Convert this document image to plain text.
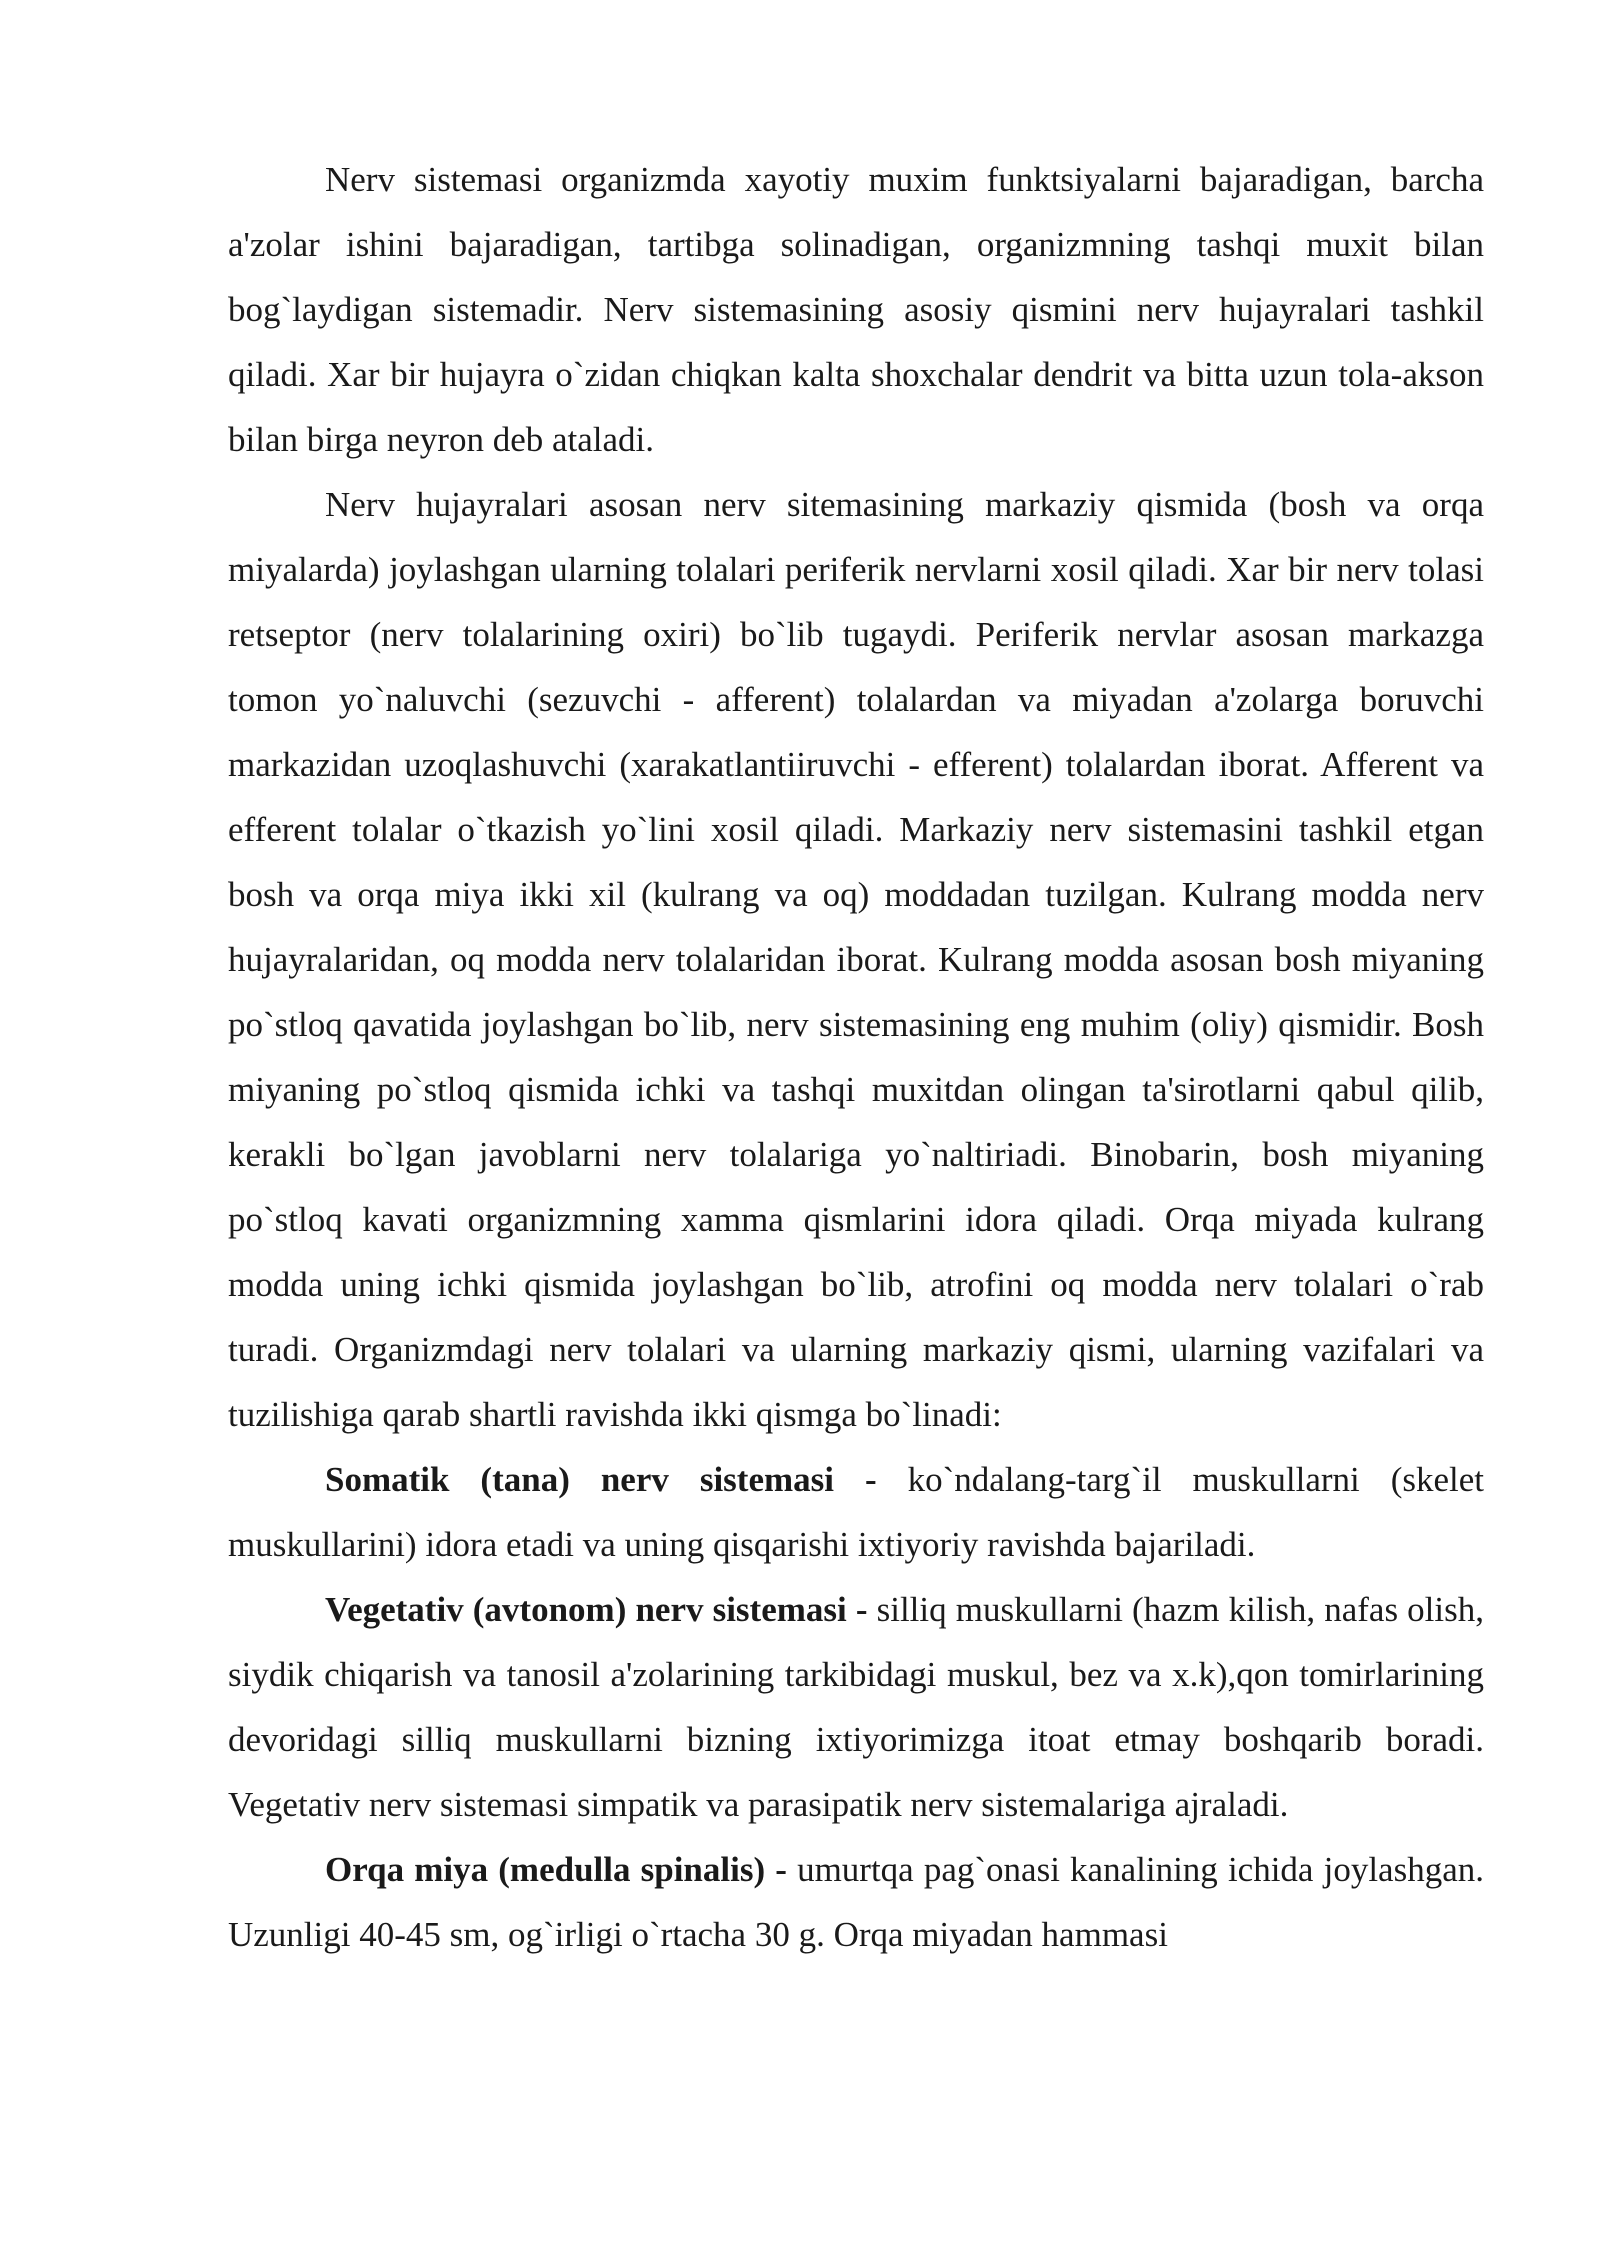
Nerv sistemasi organizmda xayotiy muxim funktsiyalarni bajaradigan, barcha a'zolar ishini bajaradigan, tartibga solinadigan, organizmning tashqi muxit bilan bog`laydigan sistemadir. Nerv sistemasining asosiy qismini nerv hujayralari tashkil qiladi. Xar bir hujayra o`zidan chiqkan kalta shoxchalar dendrit va bitta uzun tola-akson bilan birga neyron deb ataladi.

Nerv hujayralari asosan nerv sitemasining markaziy qismida (bosh va orqa miyalarda) joylashgan ularning tolalari periferik nervlarni xosil qiladi. Xar bir nerv tolasi retseptor (nerv tolalarining oxiri) bo`lib tugaydi. Periferik nervlar asosan markazga tomon yo`naluvchi (sezuvchi - afferent) tolalardan va miyadan a'zolarga boruvchi markazidan uzoqlashuvchi (xarakatlantiiruvchi - efferent) tolalardan iborat. Afferent va efferent tolalar o`tkazish yo`lini xosil qiladi. Markaziy nerv sistemasini tashkil etgan bosh va orqa miya ikki xil (kulrang va oq) moddadan tuzilgan. Kulrang modda nerv hujayralaridan, oq modda nerv tolalaridan iborat. Kulrang modda asosan bosh miyaning po`stloq qavatida joylashgan bo`lib, nerv sistemasining eng muhim (oliy) qismidir. Bosh miyaning po`stloq qismida ichki va tashqi muxitdan olingan ta'sirotlarni qabul qilib, kerakli bo`lgan javoblarni nerv tolalariga yo`naltiriadi. Binobarin, bosh miyaning po`stloq kavati organizmning xamma qismlarini idora qiladi. Orqa miyada kulrang modda uning ichki qismida joylashgan bo`lib, atrofini oq modda nerv tolalari o`rab turadi. Organizmdagi nerv tolalari va ularning markaziy qismi, ularning vazifalari va tuzilishiga qarab shartli ravishda ikki qismga bo`linadi:

Somatik (tana) nerv sistemasi - ko`ndalang-targ`il muskullarni (skelet muskullarini) idora etadi va uning qisqarishi ixtiyoriy ravishda bajariladi.

Vegetativ (avtonom) nerv sistemasi - silliq muskullarni (hazm kilish, nafas olish, siydik chiqarish va tanosil a'zolarining tarkibidagi muskul, bez va x.k),qon tomirlarining devoridagi silliq muskullarni bizning ixtiyorimizga itoat etmay boshqarib boradi. Vegetativ nerv sistemasi simpatik va parasipatik nerv sistemalariga ajraladi.

Orqa miya (medulla spinalis) - umurtqa pag`onasi kanalining ichida joylashgan. Uzunligi 40-45 sm, og`irligi o`rtacha 30 g. Orqa miyadan hammasi
